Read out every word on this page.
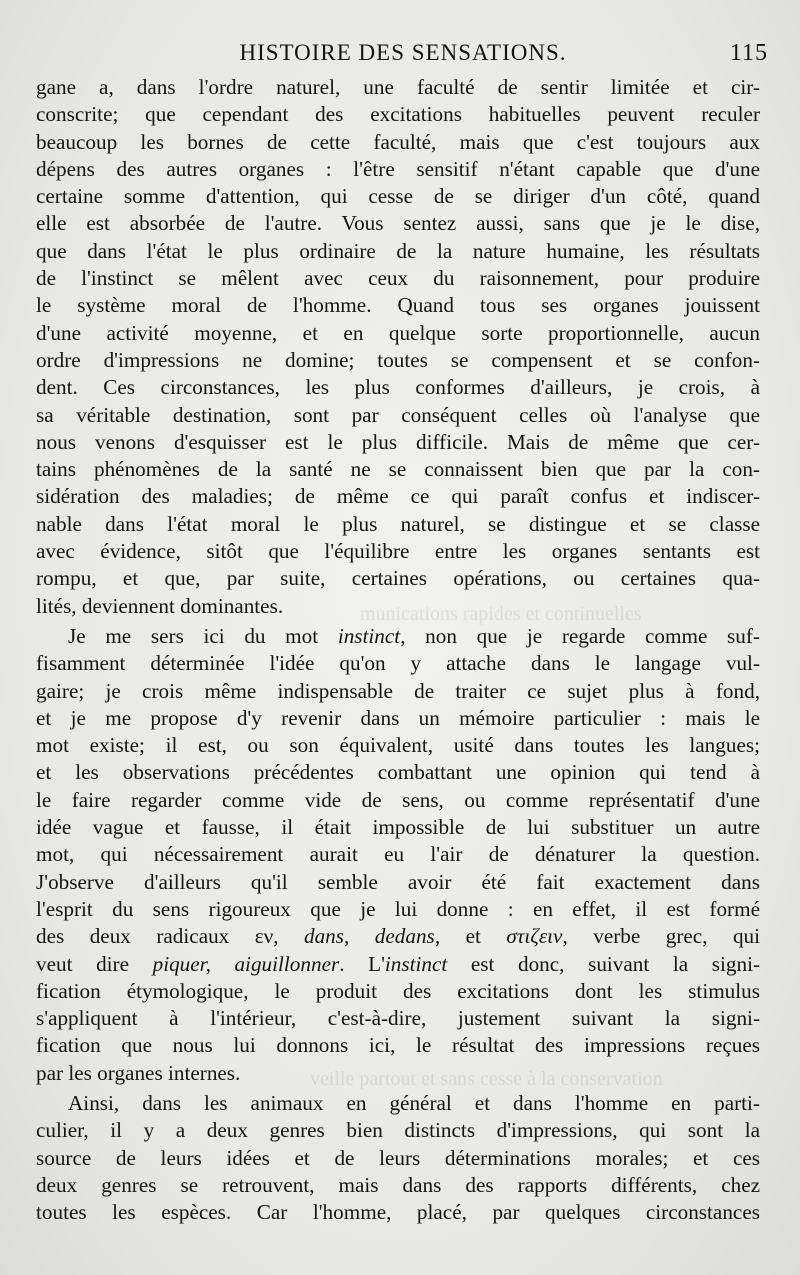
munications rapides et continuelles
veille partout et sans cesse à la conservation
HISTOIRE DES SENSATIONS.	115
gane a, dans l'ordre naturel, une faculté de sentir limitée et cir-
conscrite; que cependant des excitations habituelles peuvent reculer
beaucoup les bornes de cette faculté, mais que c'est toujours aux
dépens des autres organes : l'être sensitif n'étant capable que d'une
certaine somme d'attention, qui cesse de se diriger d'un côté, quand
elle est absorbée de l'autre. Vous sentez aussi, sans que je le dise,
que dans l'état le plus ordinaire de la nature humaine, les résultats
de l'instinct se mêlent avec ceux du raisonnement, pour produire
le système moral de l'homme. Quand tous ses organes jouissent
d'une activité moyenne, et en quelque sorte proportionnelle, aucun
ordre d'impressions ne domine; toutes se compensent et se confon-
dent. Ces circonstances, les plus conformes d'ailleurs, je crois, à
sa véritable destination, sont par conséquent celles où l'analyse que
nous venons d'esquisser est le plus difficile. Mais de même que cer-
tains phénomènes de la santé ne se connaissent bien que par la con-
sidération des maladies; de même ce qui paraît confus et indiscer-
nable dans l'état moral le plus naturel, se distingue et se classe
avec évidence, sitôt que l'équilibre entre les organes sentants est
rompu, et que, par suite, certaines opérations, ou certaines qua-
lités, deviennent dominantes.
Je me sers ici du mot instinct, non que je regarde comme suf-
fisamment déterminée l'idée qu'on y attache dans le langage vul-
gaire; je crois même indispensable de traiter ce sujet plus à fond,
et je me propose d'y revenir dans un mémoire particulier : mais le
mot existe; il est, ou son équivalent, usité dans toutes les langues;
et les observations précédentes combattant une opinion qui tend à
le faire regarder comme vide de sens, ou comme représentatif d'une
idée vague et fausse, il était impossible de lui substituer un autre
mot, qui nécessairement aurait eu l'air de dénaturer la question.
J'observe d'ailleurs qu'il semble avoir été fait exactement dans
l'esprit du sens rigoureux que je lui donne : en effet, il est formé
des deux radicaux εν, dans, dedans, et στιζειν, verbe grec, qui
veut dire piquer, aiguillonner. L'instinct est donc, suivant la signi-
fication étymologique, le produit des excitations dont les stimulus
s'appliquent à l'intérieur, c'est-à-dire, justement suivant la signi-
fication que nous lui donnons ici, le résultat des impressions reçues
par les organes internes.
Ainsi, dans les animaux en général et dans l'homme en parti-
culier, il y a deux genres bien distincts d'impressions, qui sont la
source de leurs idées et de leurs déterminations morales; et ces
deux genres se retrouvent, mais dans des rapports différents, chez
toutes les espèces. Car l'homme, placé, par quelques circonstances
